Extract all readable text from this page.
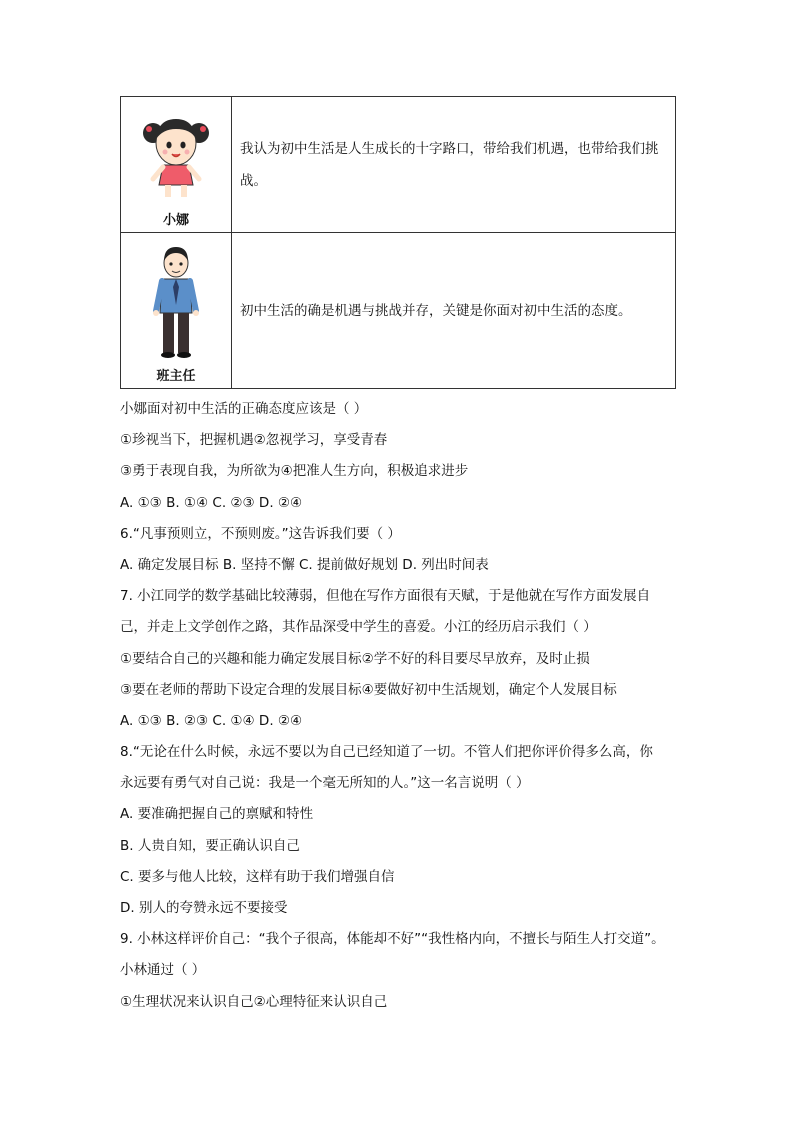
小娜	我认为初中生活是人生成长的十字路口，带给我们机遇，也带给我们挑战。

班主任	初中生活的确是机遇与挑战并存，关键是你面对初中生活的态度。
小娜面对初中生活的正确态度应该是（ ）
①珍视当下，把握机遇②忽视学习，享受青春
③勇于表现自我，为所欲为④把准人生方向，积极追求进步
A. ①③ B. ①④ C. ②③ D. ②④
6.“凡事预则立，不预则废。”这告诉我们要（ ）
A. 确定发展目标 B. 坚持不懈 C. 提前做好规划 D. 列出时间表
7. 小江同学的数学基础比较薄弱，但他在写作方面很有天赋，于是他就在写作方面发展自
己，并走上文学创作之路，其作品深受中学生的喜爱。小江的经历启示我们（ ）
①要结合自己的兴趣和能力确定发展目标②学不好的科目要尽早放弃，及时止损
③要在老师的帮助下设定合理的发展目标④要做好初中生活规划，确定个人发展目标
A. ①③ B. ②③ C. ①④ D. ②④
8.“无论在什么时候，永远不要以为自己已经知道了一切。不管人们把你评价得多么高，你
永远要有勇气对自己说：我是一个毫无所知的人。”这一名言说明（ ）
A. 要准确把握自己的禀赋和特性
B. 人贵自知，要正确认识自己
C. 要多与他人比较，这样有助于我们增强自信
D. 别人的夸赞永远不要接受
9. 小林这样评价自己：“我个子很高，体能却不好”“我性格内向，不擅长与陌生人打交道”。
小林通过（ ）
①生理状况来认识自己②心理特征来认识自己
